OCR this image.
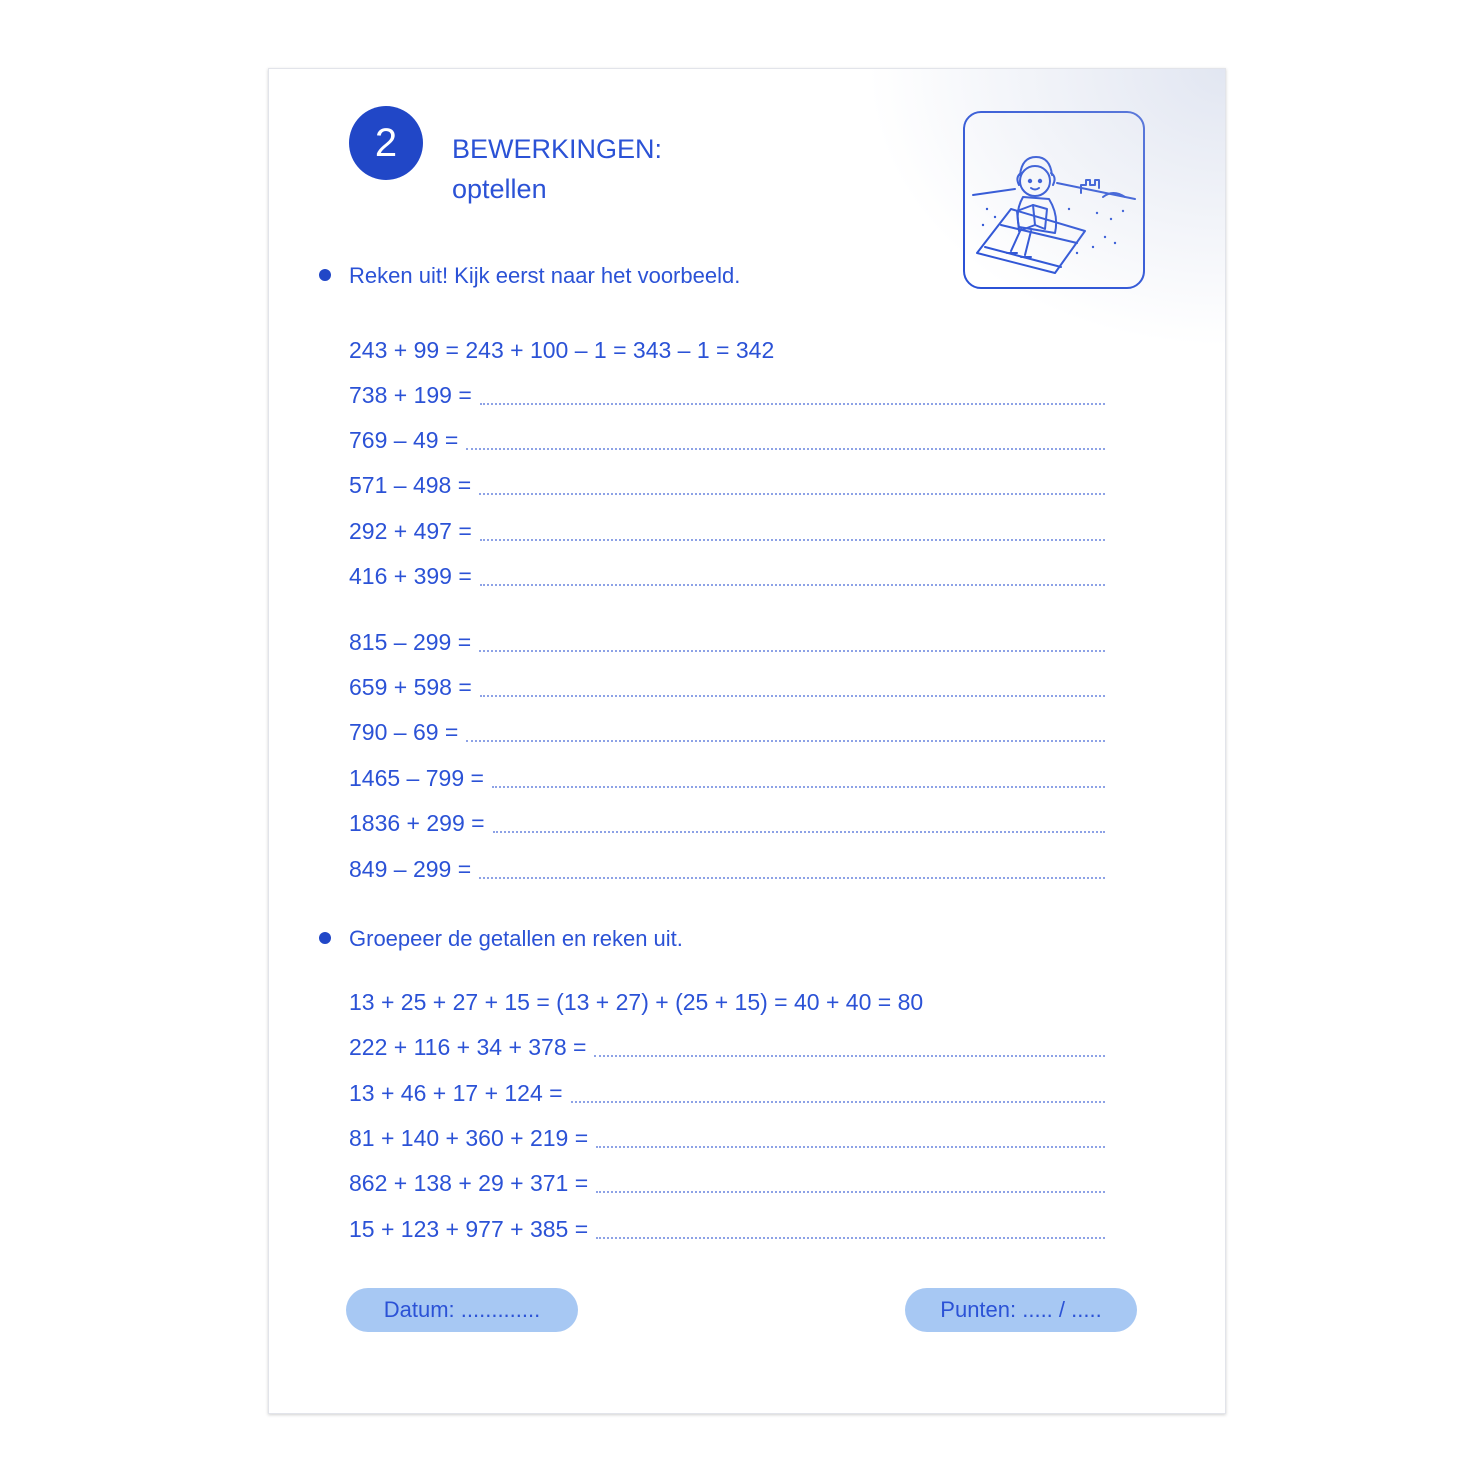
2	BEWERKINGEN:
optellen
Reken uit! Kijk eerst naar het voorbeeld.
243 + 99 = 243 + 100 – 1 = 343 – 1 = 342
738 + 199 =
769 – 49 =
571 – 498 =
292 + 497 =
416 + 399 =
815 – 299 =
659 + 598 =
790 – 69 =
1465 – 799 =
1836 + 299 =
849 – 299 =
Groepeer de getallen en reken uit.
13 + 25 + 27 + 15 = (13 + 27) + (25 + 15) = 40 + 40 = 80
222 + 116 + 34 + 378 =
13 + 46 + 17 + 124 =
81 + 140 + 360 + 219 =
862 + 138 + 29 + 371 =
15 + 123 + 977 + 385 =
Datum: .............	Punten: ..... / .....
